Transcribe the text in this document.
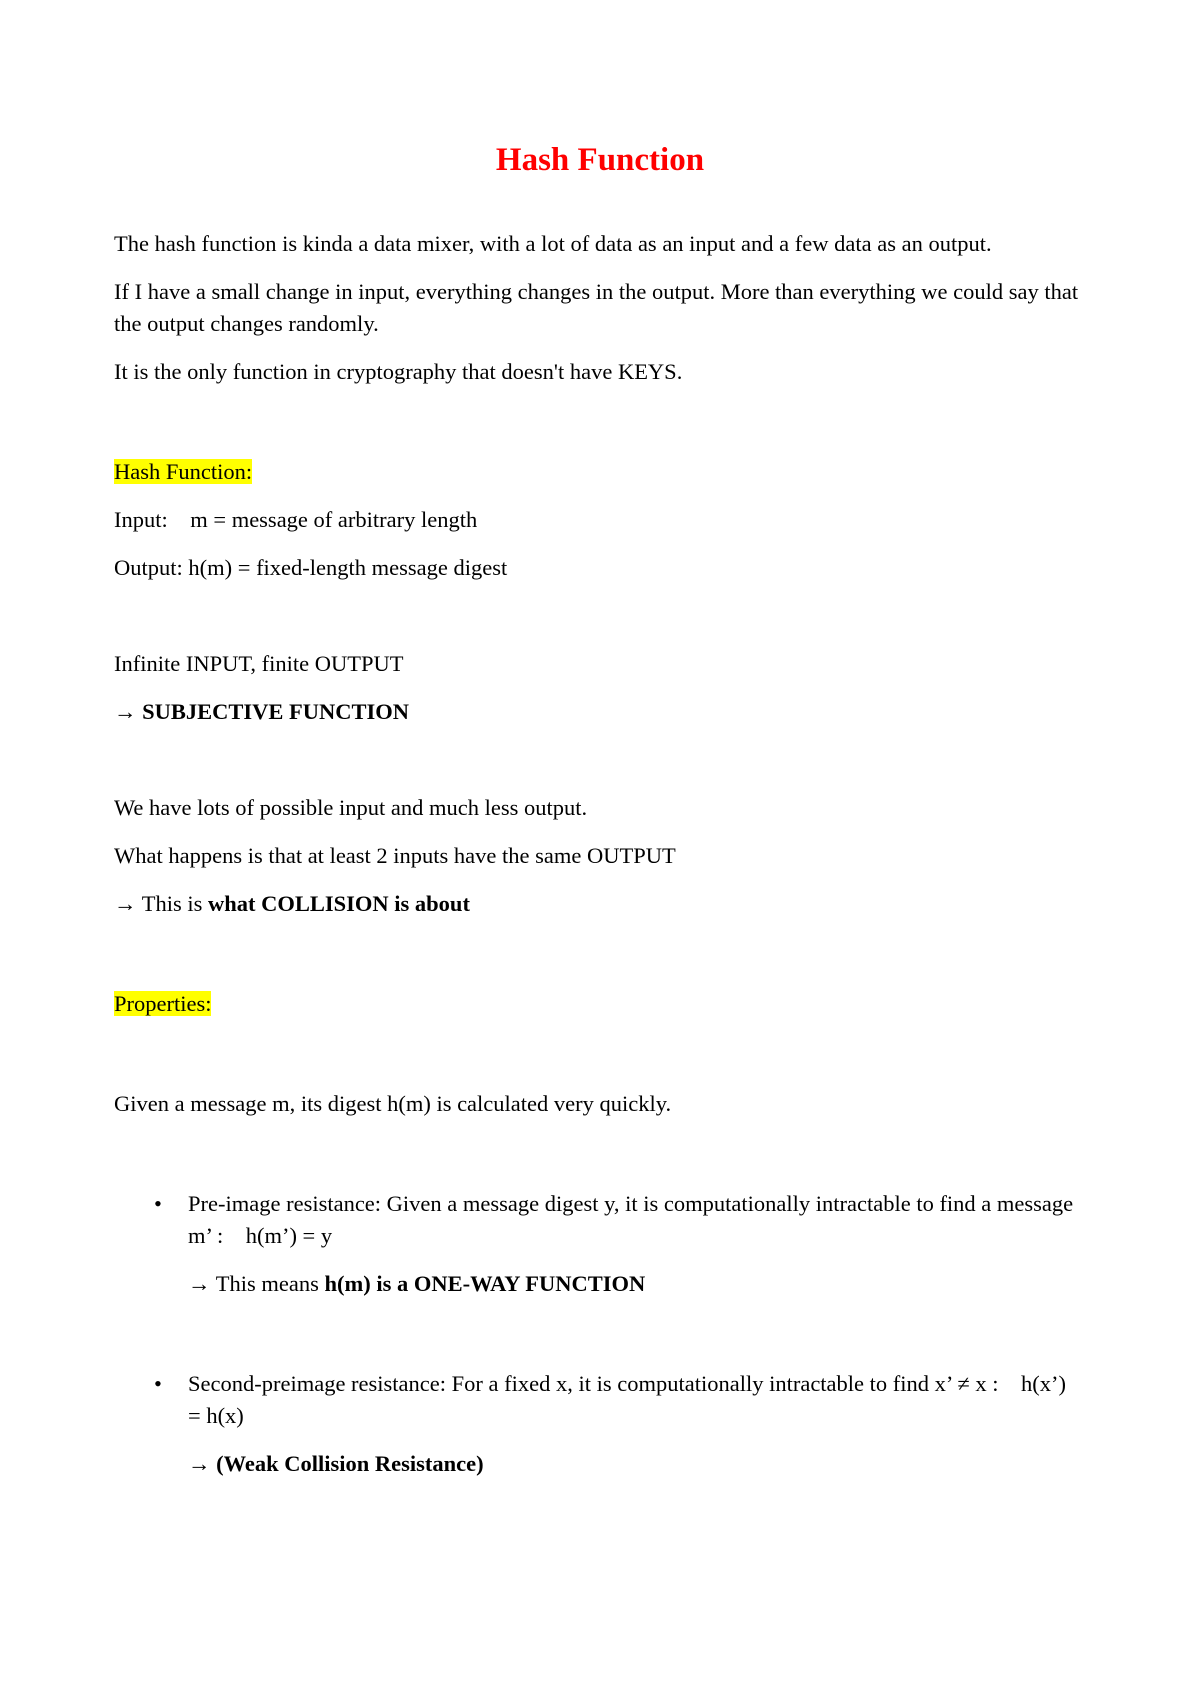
Hash Function

The hash function is kinda a data mixer, with a lot of data as an input and a few data as an output.

If I have a small change in input, everything changes in the output. More than everything we could say that the output changes randomly.

It is the only function in cryptography that doesn't have KEYS.

Hash Function:

Input: m = message of arbitrary length

Output: h(m) = fixed-length message digest

Infinite INPUT, finite OUTPUT

→ SUBJECTIVE FUNCTION

We have lots of possible input and much less output.

What happens is that at least 2 inputs have the same OUTPUT

→ This is what COLLISION is about

Properties:

Given a message m, its digest h(m) is calculated very quickly.

• Pre-image resistance: Given a message digest y, it is computationally intractable to find a message m’ : h(m’) = y

→ This means h(m) is a ONE-WAY FUNCTION

• Second-preimage resistance: For a fixed x, it is computationally intractable to find x’ ≠ x : h(x’) = h(x)

→ (Weak Collision Resistance)
